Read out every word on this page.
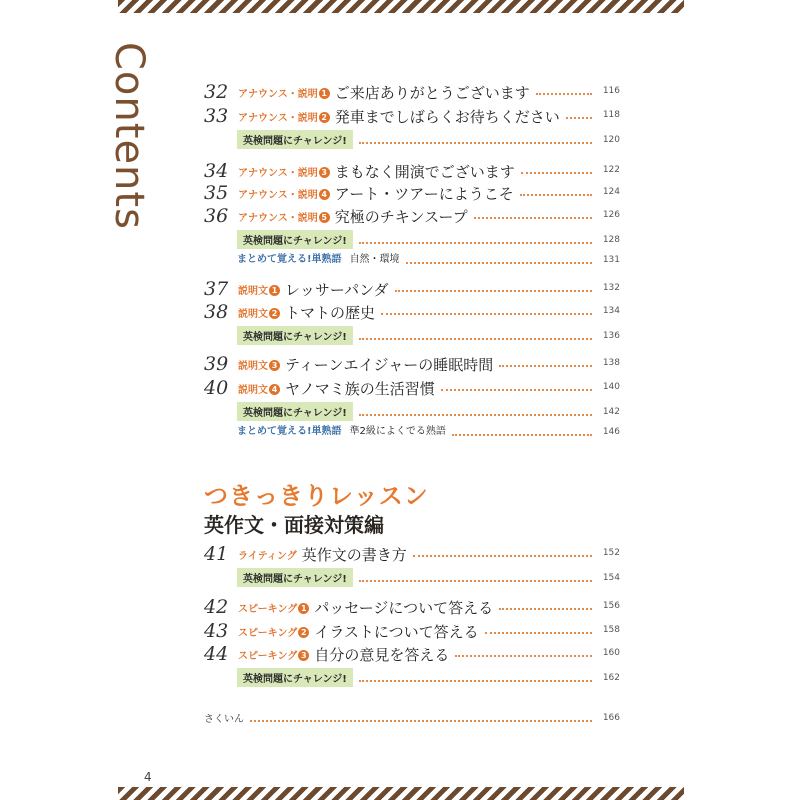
Contents	32 アナウンス・説明 1 ご来店ありがとうございます	116
33 アナウンス・説明 2 発車までしばらくお待ちください	118
英検問題にチャレンジ!	120
34 アナウンス・説明 3 まもなく開演でございます	122
35 アナウンス・説明 4 アート・ツアーにようこそ	124
36 アナウンス・説明 5 究極のチキンスープ	126
英検問題にチャレンジ!	128
まとめて覚える!単熟語 自然・環境	131
37 説明文 1 レッサーパンダ	132
38 説明文 2 トマトの歴史	134
英検問題にチャレンジ!	136
39 説明文 3 ティーンエイジャーの睡眠時間	138
40 説明文 4 ヤノマミ族の生活習慣	140
英検問題にチャレンジ!	142
まとめて覚える!単熟語 準2級によくでる熟語	146
41 ライティング 英作文の書き方	152
英検問題にチャレンジ!	154
42 スピーキング 1 パッセージについて答える	156
43 スピーキング 2 イラストについて答える	158
44 スピーキング 3 自分の意見を答える	160
英検問題にチャレンジ!	162
さくいん	166
つきっきりレッスン
英作文・面接対策編
4
